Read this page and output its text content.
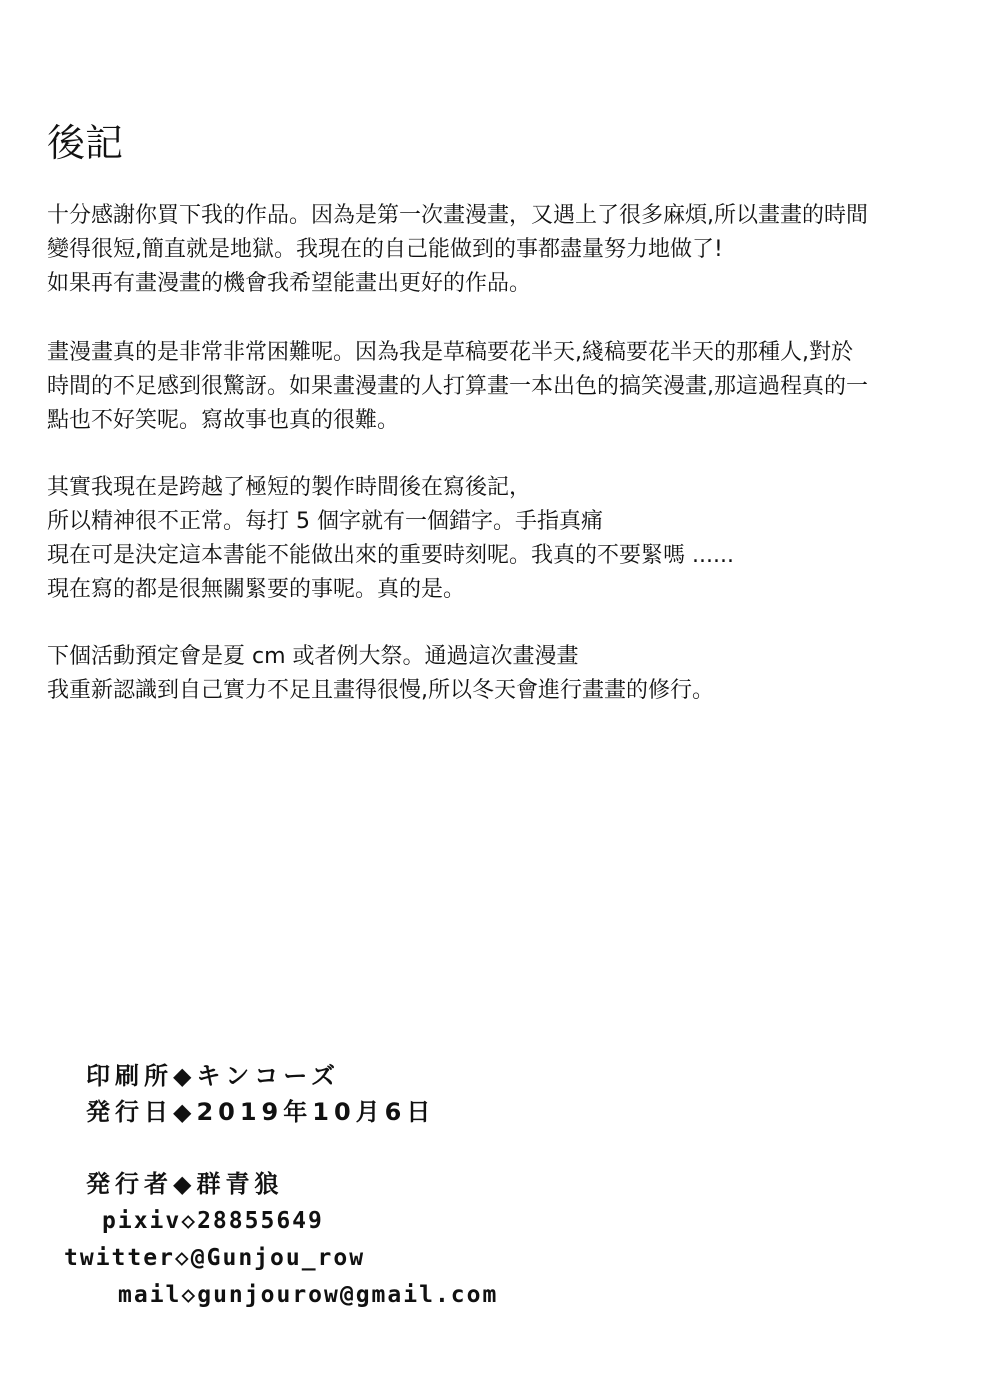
後記
十分感謝你買下我的作品。因為是第一次畫漫畫，又遇上了很多麻煩,所以畫畫的時間
變得很短,簡直就是地獄。我現在的自己能做到的事都盡量努力地做了!
如果再有畫漫畫的機會我希望能畫出更好的作品。
畫漫畫真的是非常非常困難呢。因為我是草稿要花半天,綫稿要花半天的那種人,對於
時間的不足感到很驚訝。如果畫漫畫的人打算畫一本出色的搞笑漫畫,那這過程真的一
點也不好笑呢。寫故事也真的很難。
其實我現在是跨越了極短的製作時間後在寫後記，
所以精神很不正常。每打 5 個字就有一個錯字。手指真痛
現在可是決定這本書能不能做出來的重要時刻呢。我真的不要緊嗎 ......
現在寫的都是很無關緊要的事呢。真的是。
下個活動預定會是夏 cm 或者例大祭。通過這次畫漫畫
我重新認識到自己實力不足且畫得很慢,所以冬天會進行畫畫的修行。

印刷所◆キンコーズ

発行日◆2019年10月6日

発行者◆群青狼

pixiv◇28855649

twitter◇@Gunjou_row

mail◇gunjourow@gmail.com
